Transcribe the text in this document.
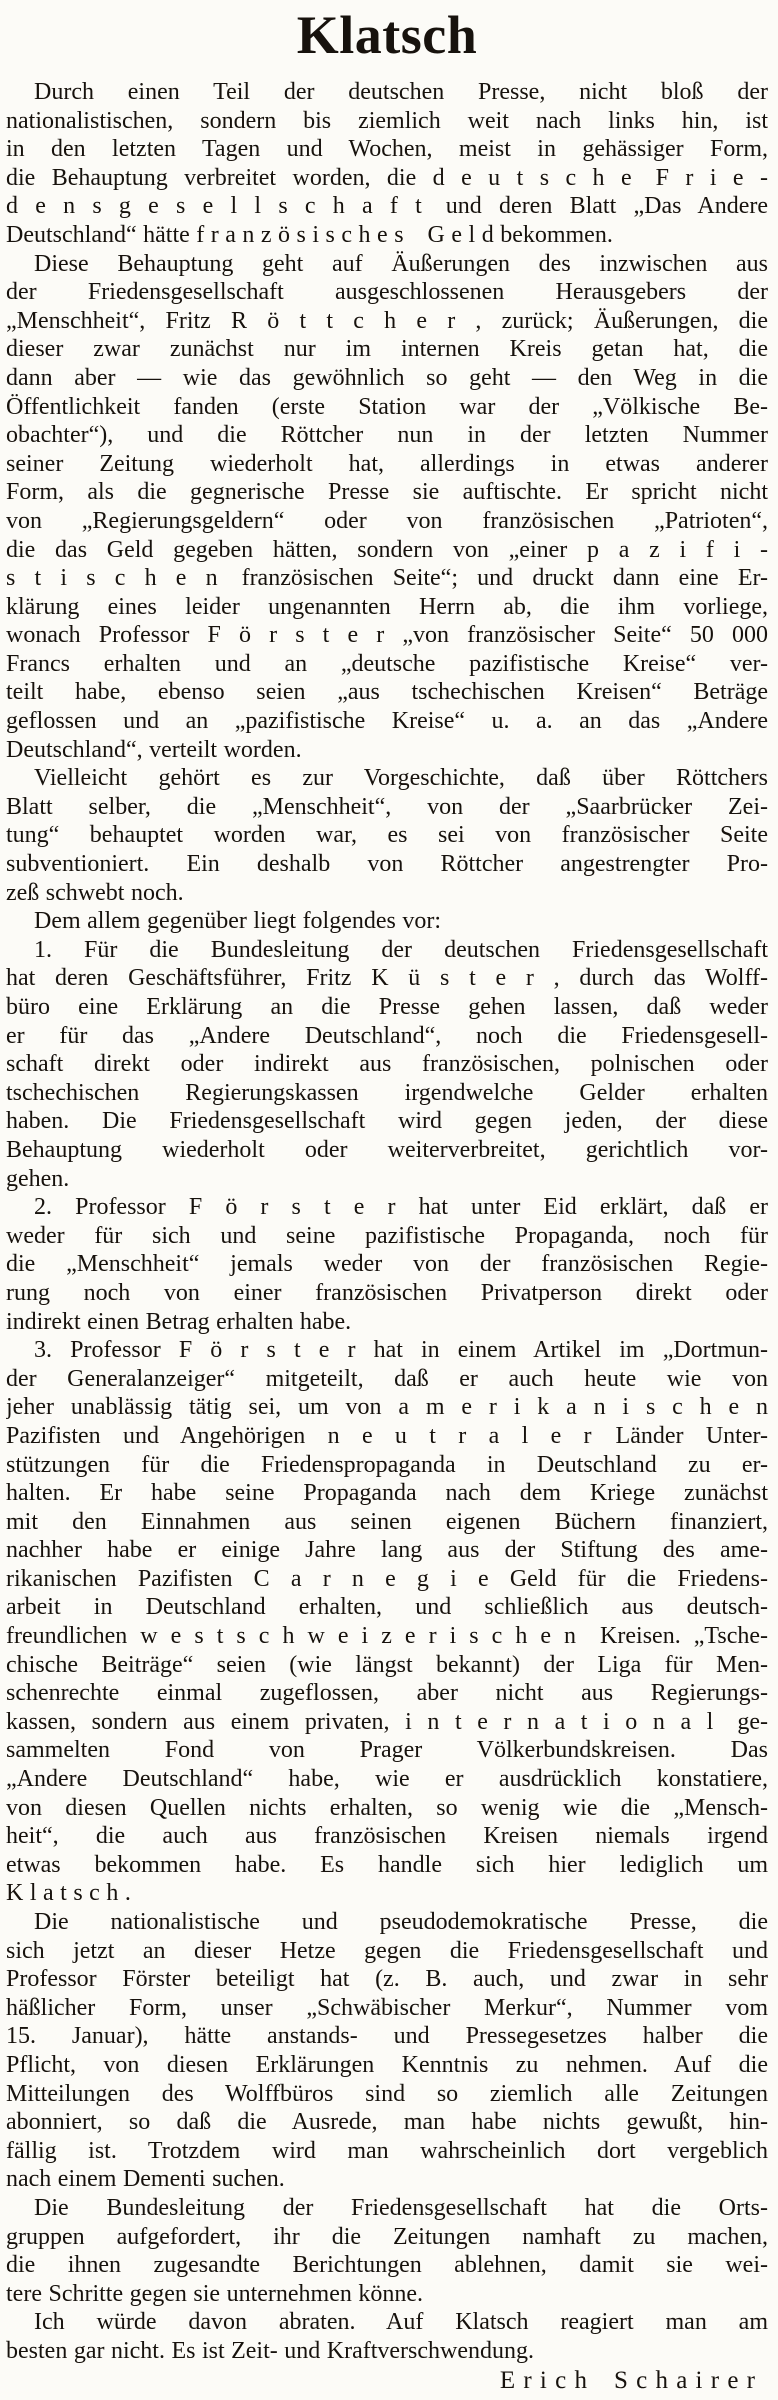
Klatsch
Durch einen Teil der deutschen Presse, nicht bloß der
nationalistischen, sondern bis ziemlich weit nach links hin, ist
in den letzten Tagen und Wochen, meist in gehässiger Form,
die Behauptung verbreitet worden, die d e u t s c h e F r i e -
d e n s g e s e l l s c h a f t und deren Blatt „Das Andere
Deutschland“ hätte f r a n z ö s i s c h e s G e l d bekommen.
Diese Behauptung geht auf Äußerungen des inzwischen aus
der Friedensgesellschaft ausgeschlossenen Herausgebers der
„Menschheit“, Fritz R ö t t c h e r , zurück; Äußerungen, die
dieser zwar zunächst nur im internen Kreis getan hat, die
dann aber — wie das gewöhnlich so geht — den Weg in die
Öffentlichkeit fanden (erste Station war der „Völkische Be-
obachter“), und die Röttcher nun in der letzten Nummer
seiner Zeitung wiederholt hat, allerdings in etwas anderer
Form, als die gegnerische Presse sie auftischte. Er spricht nicht
von „Regierungsgeldern“ oder von französischen „Patrioten“,
die das Geld gegeben hätten, sondern von „einer p a z i f i -
s t i s c h e n französischen Seite“; und druckt dann eine Er-
klärung eines leider ungenannten Herrn ab, die ihm vorliege,
wonach Professor F ö r s t e r „von französischer Seite“ 50 000
Francs erhalten und an „deutsche pazifistische Kreise“ ver-
teilt habe, ebenso seien „aus tschechischen Kreisen“ Beträge
geflossen und an „pazifistische Kreise“ u. a. an das „Andere
Deutschland“, verteilt worden.
Vielleicht gehört es zur Vorgeschichte, daß über Röttchers
Blatt selber, die „Menschheit“, von der „Saarbrücker Zei-
tung“ behauptet worden war, es sei von französischer Seite
subventioniert. Ein deshalb von Röttcher angestrengter Pro-
zeß schwebt noch.
Dem allem gegenüber liegt folgendes vor:
1. Für die Bundesleitung der deutschen Friedensgesellschaft
hat deren Geschäftsführer, Fritz K ü s t e r , durch das Wolff-
büro eine Erklärung an die Presse gehen lassen, daß weder
er für das „Andere Deutschland“, noch die Friedensgesell-
schaft direkt oder indirekt aus französischen, polnischen oder
tschechischen Regierungskassen irgendwelche Gelder erhalten
haben. Die Friedensgesellschaft wird gegen jeden, der diese
Behauptung wiederholt oder weiterverbreitet, gerichtlich vor-
gehen.
2. Professor F ö r s t e r hat unter Eid erklärt, daß er
weder für sich und seine pazifistische Propaganda, noch für
die „Menschheit“ jemals weder von der französischen Regie-
rung noch von einer französischen Privatperson direkt oder
indirekt einen Betrag erhalten habe.
3. Professor F ö r s t e r hat in einem Artikel im „Dortmun-
der Generalanzeiger“ mitgeteilt, daß er auch heute wie von
jeher unablässig tätig sei, um von a m e r i k a n i s c h e n
Pazifisten und Angehörigen n e u t r a l e r Länder Unter-
stützungen für die Friedenspropaganda in Deutschland zu er-
halten. Er habe seine Propaganda nach dem Kriege zunächst
mit den Einnahmen aus seinen eigenen Büchern finanziert,
nachher habe er einige Jahre lang aus der Stiftung des ame-
rikanischen Pazifisten C a r n e g i e Geld für die Friedens-
arbeit in Deutschland erhalten, und schließlich aus deutsch-
freundlichen w e s t s c h w e i z e r i s c h e n Kreisen. „Tsche-
chische Beiträge“ seien (wie längst bekannt) der Liga für Men-
schenrechte einmal zugeflossen, aber nicht aus Regierungs-
kassen, sondern aus einem privaten, i n t e r n a t i o n a l ge-
sammelten Fond von Prager Völkerbundskreisen. Das
„Andere Deutschland“ habe, wie er ausdrücklich konstatiere,
von diesen Quellen nichts erhalten, so wenig wie die „Mensch-
heit“, die auch aus französischen Kreisen niemals irgend
etwas bekommen habe. Es handle sich hier lediglich um
K l a t s c h .
Die nationalistische und pseudodemokratische Presse, die
sich jetzt an dieser Hetze gegen die Friedensgesellschaft und
Professor Förster beteiligt hat (z. B. auch, und zwar in sehr
häßlicher Form, unser „Schwäbischer Merkur“, Nummer vom
15. Januar), hätte anstands- und Pressegesetzes halber die
Pflicht, von diesen Erklärungen Kenntnis zu nehmen. Auf die
Mitteilungen des Wolffbüros sind so ziemlich alle Zeitungen
abonniert, so daß die Ausrede, man habe nichts gewußt, hin-
fällig ist. Trotzdem wird man wahrscheinlich dort vergeblich
nach einem Dementi suchen.
Die Bundesleitung der Friedensgesellschaft hat die Orts-
gruppen aufgefordert, ihr die Zeitungen namhaft zu machen,
die ihnen zugesandte Berichtungen ablehnen, damit sie wei-
tere Schritte gegen sie unternehmen könne.
Ich würde davon abraten. Auf Klatsch reagiert man am
besten gar nicht. Es ist Zeit- und Kraftverschwendung.
E r i c h S c h a i r e r
